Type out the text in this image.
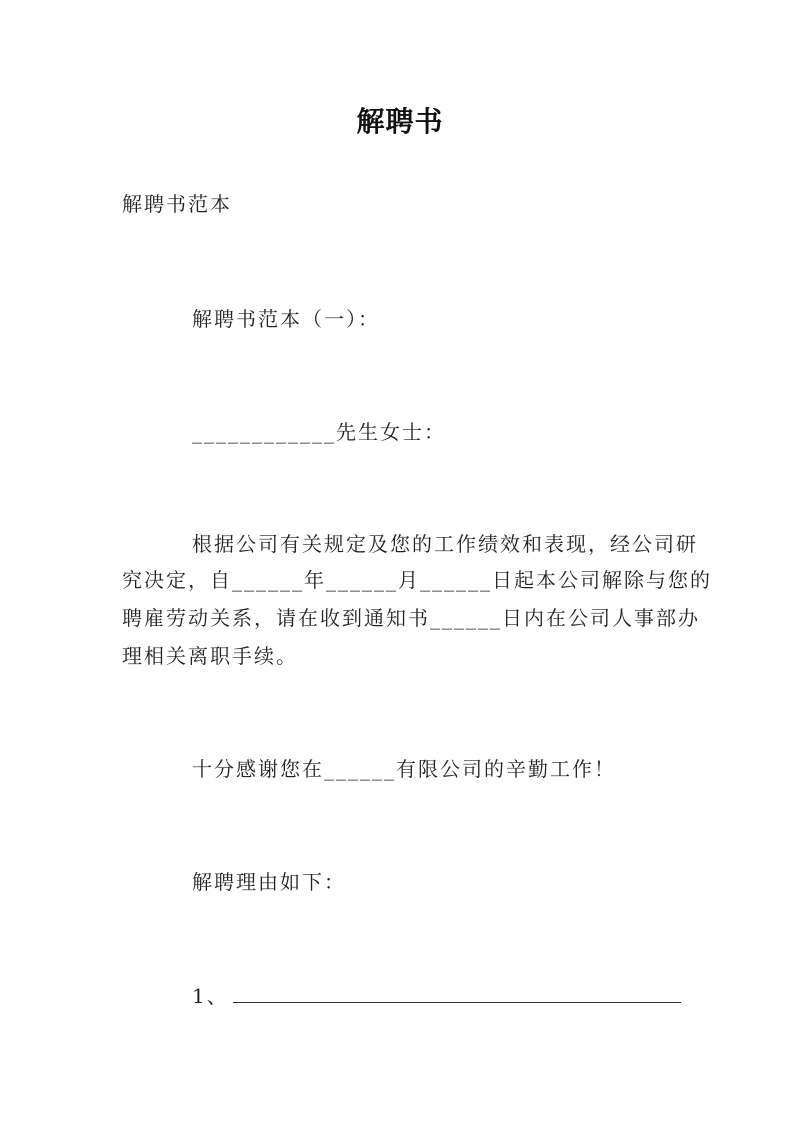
解聘书
解聘书范本
解聘书范本（一）：
____________先生女士：
根据公司有关规定及您的工作绩效和表现，经公司研
究决定，自______年______月______日起本公司解除与您的
聘雇劳动关系，请在收到通知书______日内在公司人事部办
理相关离职手续。
十分感谢您在______有限公司的辛勤工作！
解聘理由如下：
1、
